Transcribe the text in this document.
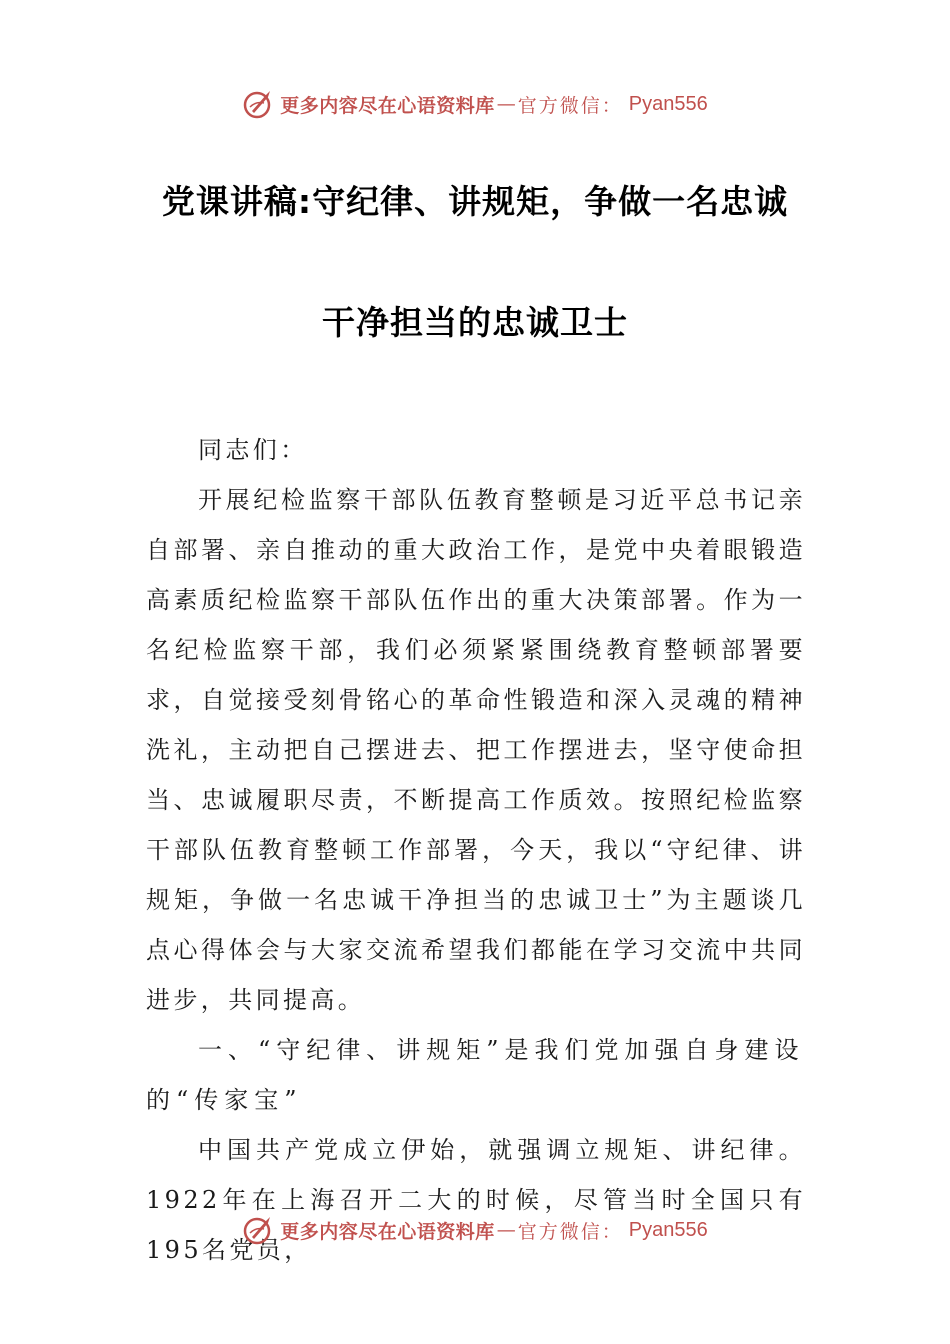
更多内容尽在心语资料库 — 官方微信： Pyan556
党课讲稿:守纪律、讲规矩，争做一名忠诚
干净担当的忠诚卫士

同志们：

开展纪检监察干部队伍教育整顿是习近平总书记亲自部署、亲自推动的重大政治工作，是党中央着眼锻造高素质纪检监察干部队伍作出的重大决策部署。作为一名纪检监察干部，我们必须紧紧围绕教育整顿部署要求，自觉接受刻骨铭心的革命性锻造和深入灵魂的精神洗礼，主动把自己摆进去、把工作摆进去，坚守使命担当、忠诚履职尽责，不断提高工作质效。按照纪检监察干部队伍教育整顿工作部署，今天，我以“守纪律、讲规矩，争做一名忠诚干净担当的忠诚卫士”为主题谈几点心得体会与大家交流希望我们都能在学习交流中共同进步，共同提高。

一、“守纪律、讲规矩”是我们党加强自身建设的“传家宝”

中国共产党成立伊始，就强调立规矩、讲纪律。1922年在上海召开二大的时候，尽管当时全国只有195名党员，

更多内容尽在心语资料库 — 官方微信： Pyan556
